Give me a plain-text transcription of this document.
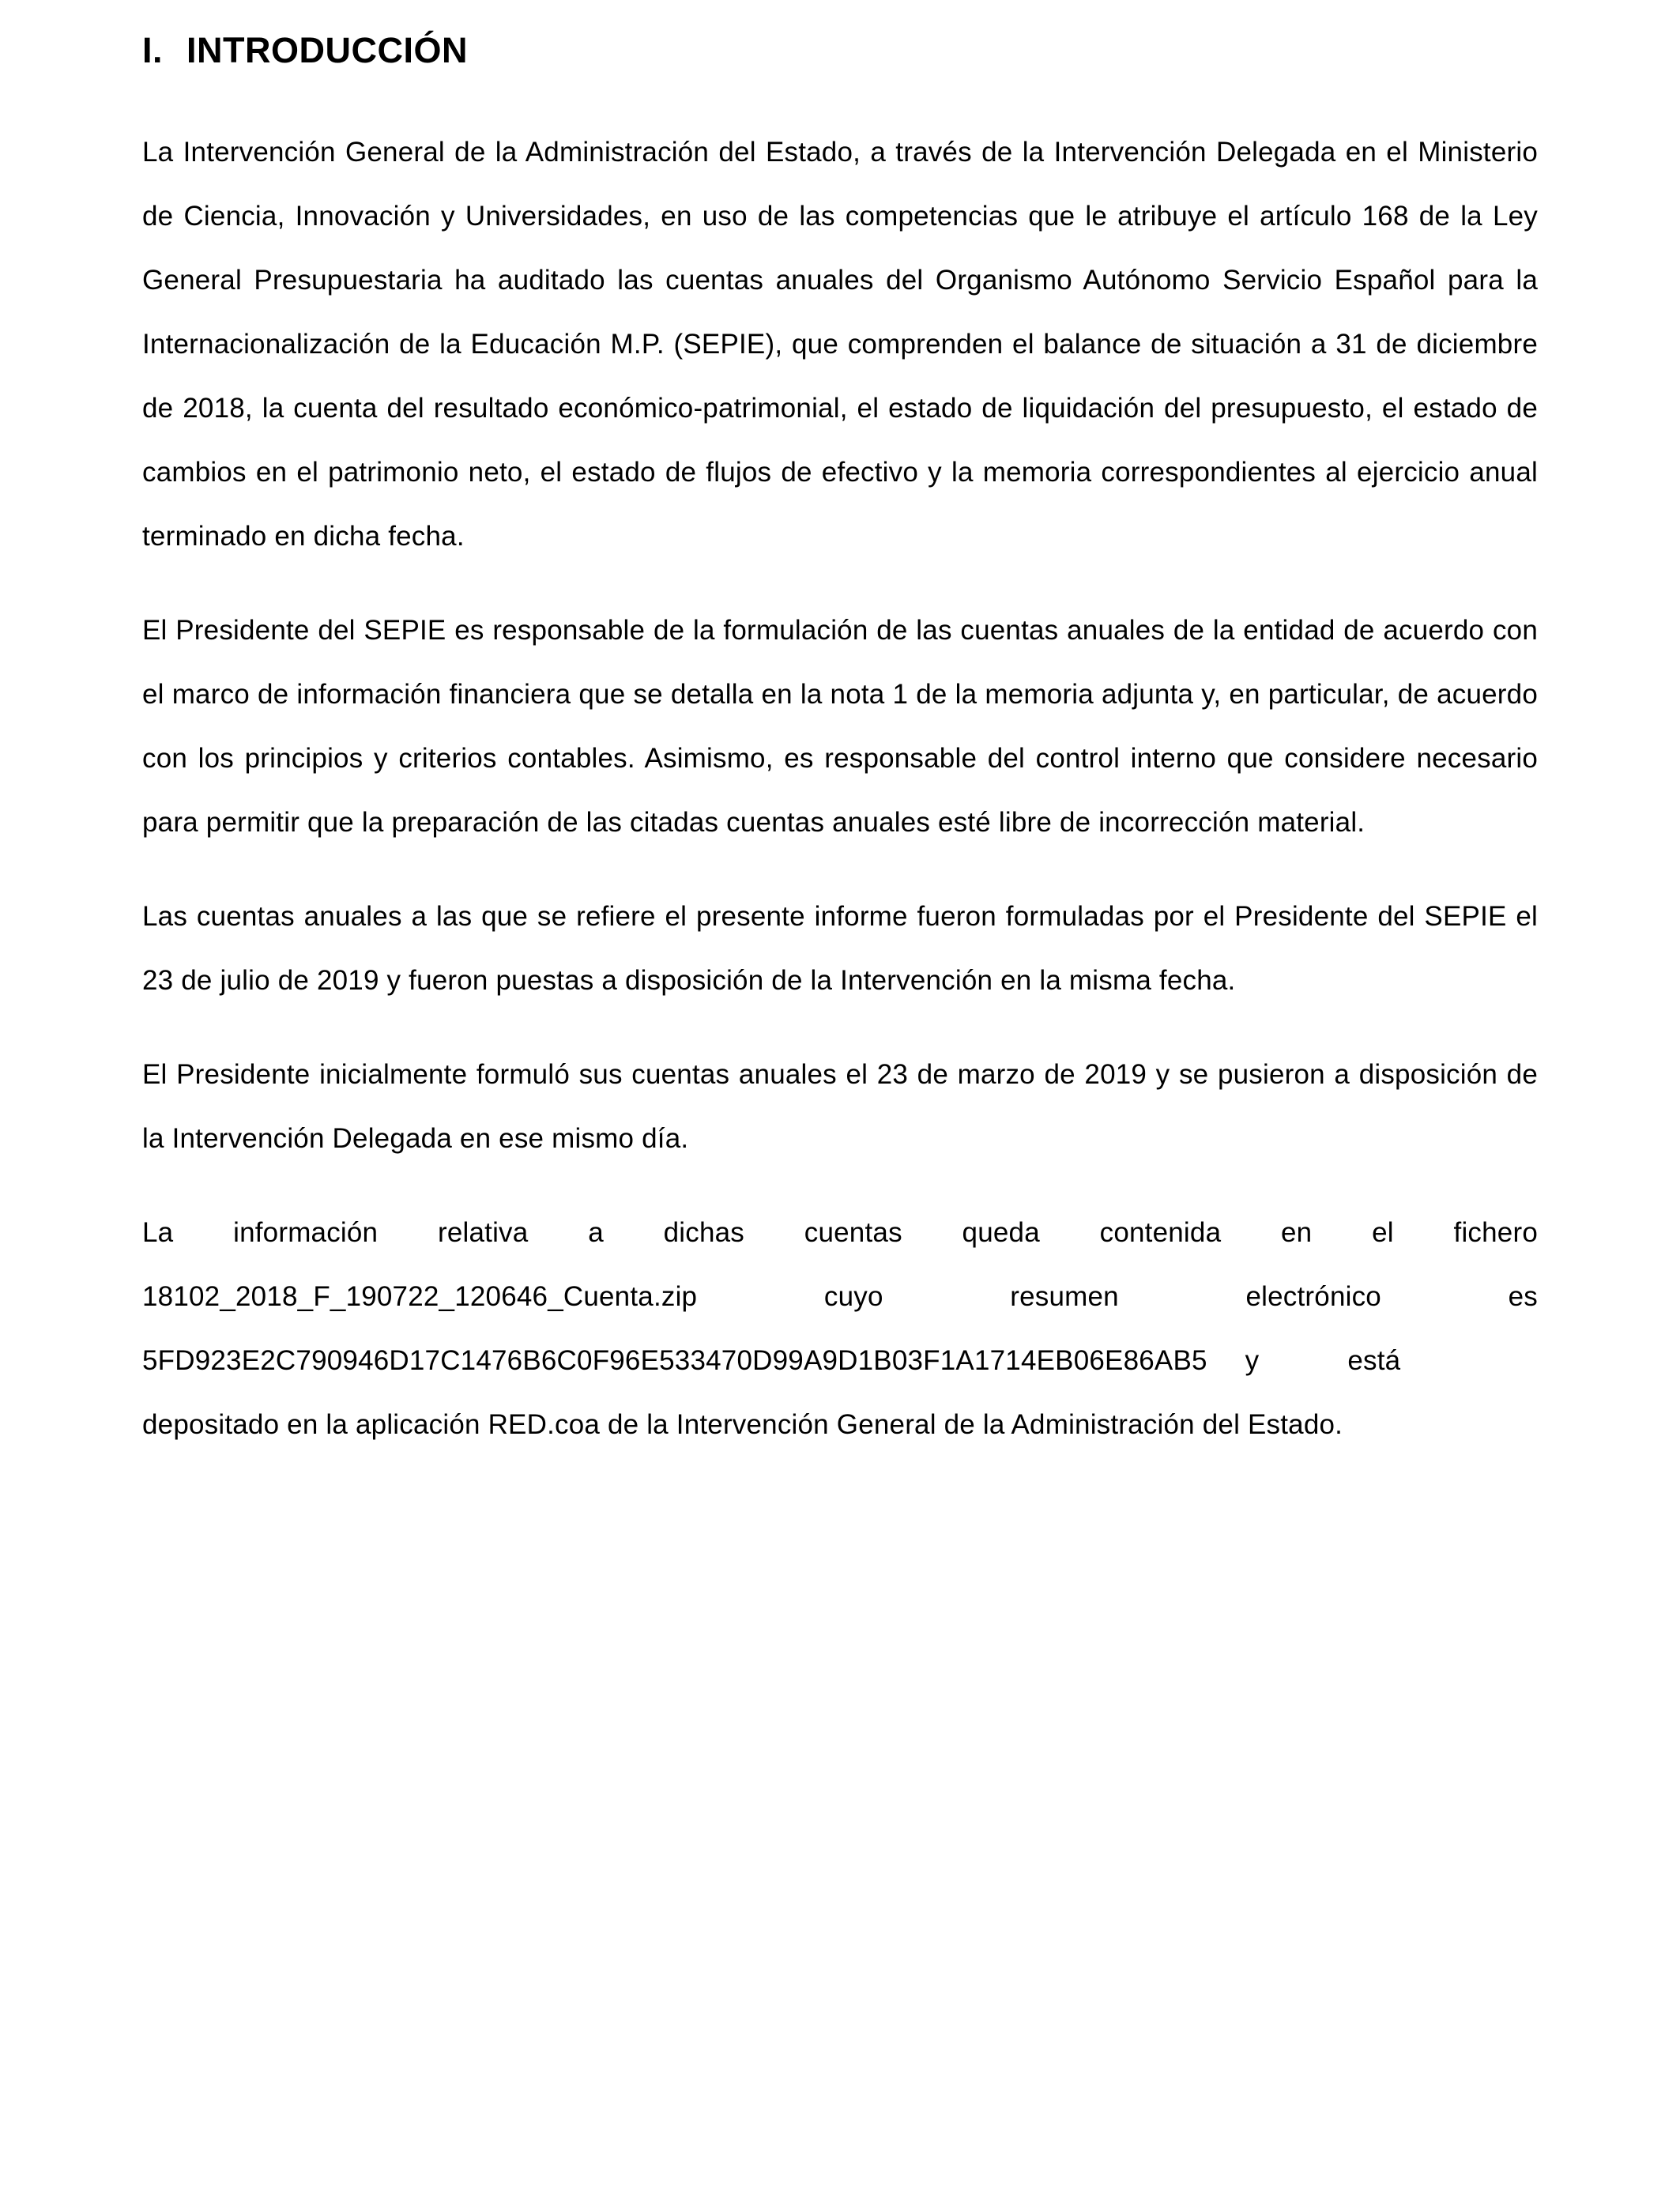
I. INTRODUCCIÓN

La Intervención General de la Administración del Estado, a través de la Intervención Delegada en el Ministerio de Ciencia, Innovación y Universidades, en uso de las competencias que le atribuye el artículo 168 de la Ley General Presupuestaria ha auditado las cuentas anuales del Organismo Autónomo Servicio Español para la Internacionalización de la Educación M.P. (SEPIE), que comprenden el balance de situación a 31 de diciembre de 2018, la cuenta del resultado económico-patrimonial, el estado de liquidación del presupuesto, el estado de cambios en el patrimonio neto, el estado de flujos de efectivo y la memoria correspondientes al ejercicio anual terminado en dicha fecha.

El Presidente del SEPIE es responsable de la formulación de las cuentas anuales de la entidad de acuerdo con el marco de información financiera que se detalla en la nota 1 de la memoria adjunta y, en particular, de acuerdo con los principios y criterios contables. Asimismo, es responsable del control interno que considere necesario para permitir que la preparación de las citadas cuentas anuales esté libre de incorrección material.

Las cuentas anuales a las que se refiere el presente informe fueron formuladas por el Presidente del SEPIE el 23 de julio de 2019 y fueron puestas a disposición de la Intervención en la misma fecha.

El Presidente inicialmente formuló sus cuentas anuales el 23 de marzo de 2019 y se pusieron a disposición de la Intervención Delegada en ese mismo día.

La información relativa a dichas cuentas queda contenida en el fichero
18102_2018_F_190722_120646_Cuenta.zip	cuyo	resumen	electrónico	es
5FD923E2C790946D17C1476B6C0F96E533470D99A9D1B03F1A1714EB06E86AB5 y	está
depositado en la aplicación RED.coa de la Intervención General de la Administración del Estado.
